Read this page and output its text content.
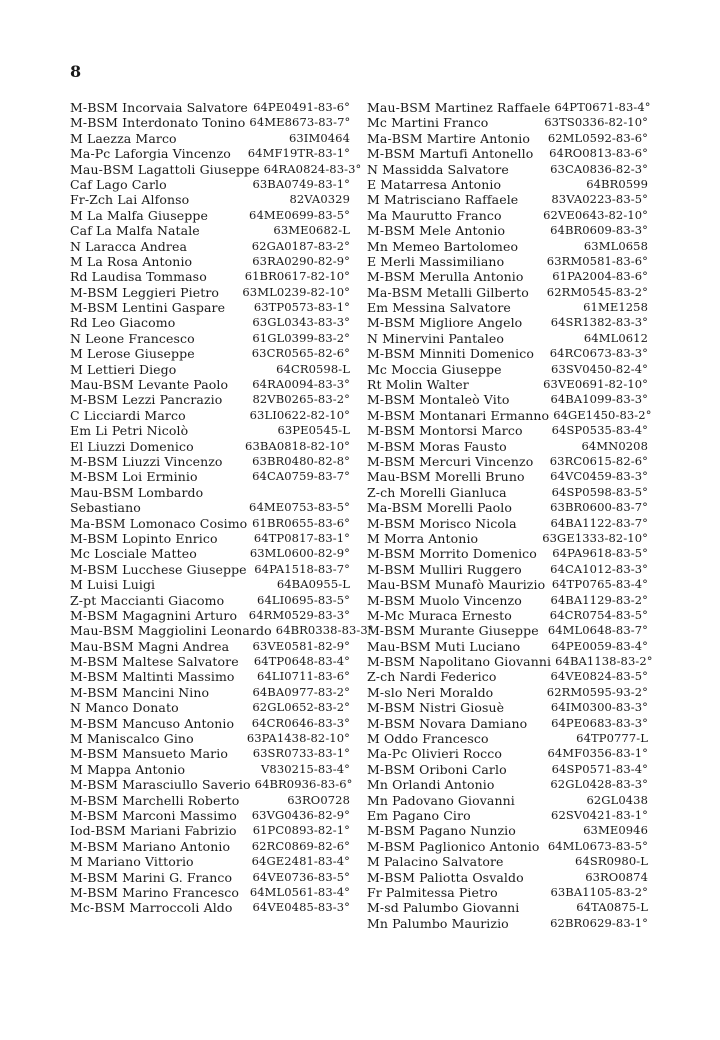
8
M-BSM Incorvaia Salvatore 64PE0491-83-6°
M-BSM Interdonato Tonino 64ME8673-83-7°
M Laezza Marco	63IM0464
Ma-Pc Laforgia Vincenzo	64MF19TR-83-1°
Mau-BSM Lagattoli Giuseppe 64RA0824-83-3°
Caf Lago Carlo	63BA0749-83-1°
Fr-Zch Lai Alfonso	82VA0329
M La Malfa Giuseppe	64ME0699-83-5°
Caf La Malfa Natale	63ME0682-L
N Laracca Andrea	62GA0187-83-2°
M La Rosa Antonio	63RA0290-82-9°
Rd Laudisa Tommaso	61BR0617-82-10°
M-BSM Leggieri Pietro	63ML0239-82-10°
M-BSM Lentini Gaspare	63TP0573-83-1°
Rd Leo Giacomo	63GL0343-83-3°
N Leone Francesco	61GL0399-83-2°
M Lerose Giuseppe	63CR0565-82-6°
M Lettieri Diego	64CR0598-L
Mau-BSM Levante Paolo	64RA0094-83-3°
M-BSM Lezzi Pancrazio	82VB0265-83-2°
C Licciardi Marco	63LI0622-82-10°
Em Li Petri Nicolò	63PE0545-L
El Liuzzi Domenico	63BA0818-82-10°
M-BSM Liuzzi Vincenzo	63BR0480-82-8°
M-BSM Loi Erminio	64CA0759-83-7°
Mau-BSM Lombardo Sebastiano	64ME0753-83-5°
Ma-BSM Lomonaco Cosimo 61BR0655-83-6°
M-BSM Lopinto Enrico	64TP0817-83-1°
Mc Losciale Matteo	63ML0600-82-9°
M-BSM Lucchese Giuseppe 64PA1518-83-7°
M Luisi Luigi	64BA0955-L
Z-pt Maccianti Giacomo	64LI0695-83-5°
M-BSM Magagnini Arturo	64RM0529-83-3°
Mau-BSM Maggiolini Leonardo 64BR0338-83-3°
Mau-BSM Magni Andrea	63VE0581-82-9°
M-BSM Maltese Salvatore	64TP0648-83-4°
M-BSM Maltinti Massimo	64LI0711-83-6°
M-BSM Mancini Nino	64BA0977-83-2°
N Manco Donato	62GL0652-83-2°
M-BSM Mancuso Antonio	64CR0646-83-3°
M Maniscalco Gino	63PA1438-82-10°
M-BSM Mansueto Mario	63SR0733-83-1°
M Mappa Antonio	V830215-83-4°
M-BSM Marasciullo Saverio 64BR0936-83-6°
M-BSM Marchelli Roberto	63RO0728
M-BSM Marconi Massimo	63VG0436-82-9°
Iod-BSM Mariani Fabrizio	61PC0893-82-1°
M-BSM Mariano Antonio	62RC0869-82-6°
M Mariano Vittorio	64GE2481-83-4°
M-BSM Marini G. Franco	64VE0736-83-5°
M-BSM Marino Francesco 64ML0561-83-4°
Mc-BSM Marroccoli Aldo	64VE0485-83-3°
Mau-BSM Martinez Raffaele 64PT0671-83-4°
Mc Martini Franco	63TS0336-82-10°
Ma-BSM Martire Antonio	62ML0592-83-6°
M-BSM Martufi Antonello	64RO0813-83-6°
N Massidda Salvatore	63CA0836-82-3°
E Matarresa Antonio	64BR0599
M Matrisciano Raffaele	83VA0223-83-5°
Ma Maurutto Franco	62VE0643-82-10°
M-BSM Mele Antonio	64BR0609-83-3°
Mn Memeo Bartolomeo	63ML0658
E Merli Massimiliano	63RM0581-83-6°
M-BSM Merulla Antonio	61PA2004-83-6°
Ma-BSM Metalli Gilberto	62RM0545-83-2°
Em Messina Salvatore	61ME1258
M-BSM Migliore Angelo	64SR1382-83-3°
N Minervini Pantaleo	64ML0612
M-BSM Minniti Domenico	64RC0673-83-3°
Mc Moccia Giuseppe	63SV0450-82-4°
Rt Molin Walter	63VE0691-82-10°
M-BSM Montaleò Vito	64BA1099-83-3°
M-BSM Montanari Ermanno 64GE1450-83-2°
M-BSM Montorsi Marco	64SP0535-83-4°
M-BSM Moras Fausto	64MN0208
M-BSM Mercuri Vincenzo	63RC0615-82-6°
Mau-BSM Morelli Bruno	64VC0459-83-3°
Z-ch Morelli Gianluca	64SP0598-83-5°
Ma-BSM Morelli Paolo	63BR0600-83-7°
M-BSM Morisco Nicola	64BA1122-83-7°
M Morra Antonio	63GE1333-82-10°
M-BSM Morrito Domenico	64PA9618-83-5°
M-BSM Mulliri Ruggero	64CA1012-83-3°
Mau-BSM Munafò Maurizio 64TP0765-83-4°
M-BSM Muolo Vincenzo	64BA1129-83-2°
M-Mc Muraca Ernesto	64CR0754-83-5°
M-BSM Murante Giuseppe 64ML0648-83-7°
Mau-BSM Muti Luciano	64PE0059-83-4°
M-BSM Napolitano Giovanni 64BA1138-83-2°
Z-ch Nardi Federico	64VE0824-83-5°
M-slo Neri Moraldo	62RM0595-93-2°
M-BSM Nistri Giosuè	64IM0300-83-3°
M-BSM Novara Damiano	64PE0683-83-3°
M Oddo Francesco	64TP0777-L
Ma-Pc Olivieri Rocco	64MF0356-83-1°
M-BSM Oriboni Carlo	64SP0571-83-4°
Mn Orlandi Antonio	62GL0428-83-3°
Mn Padovano Giovanni	62GL0438
Em Pagano Ciro	62SV0421-83-1°
M-BSM Pagano Nunzio	63ME0946
M-BSM Paglionico Antonio 64ML0673-83-5°
M Palacino Salvatore	64SR0980-L
M-BSM Paliotta Osvaldo	63RO0874
Fr Palmitessa Pietro	63BA1105-83-2°
M-sd Palumbo Giovanni	64TA0875-L
Mn Palumbo Maurizio	62BR0629-83-1°
